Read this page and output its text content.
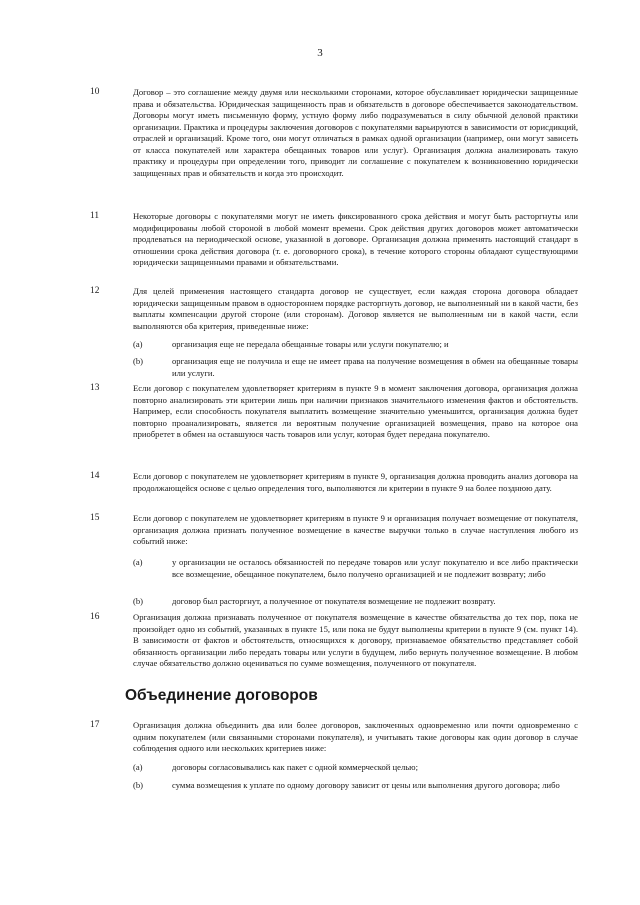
3
10	Договор – это соглашение между двумя или несколькими сторонами, которое обуславливает юридически защищенные права и обязательства. Юридическая защищенность прав и обязательств в договоре обеспечивается законодательством. Договоры могут иметь письменную форму, устную форму либо подразумеваться в силу обычной деловой практики организации. Практика и процедуры заключения договоров с покупателями варьируются в зависимости от юрисдикций, отраслей и организаций. Кроме того, они могут отличаться в рамках одной организации (например, они могут зависеть от класса покупателей или характера обещанных товаров или услуг). Организация должна анализировать такую практику и процедуры при определении того, приводит ли соглашение с покупателем к возникновению юридически защищенных прав и обязательств и когда это происходит.
11	Некоторые договоры с покупателями могут не иметь фиксированного срока действия и могут быть расторгнуты или модифицированы любой стороной в любой момент времени. Срок действия других договоров может автоматически продлеваться на периодической основе, указанной в договоре. Организация должна применять настоящий стандарт в отношении срока действия договора (т. е. договорного срока), в течение которого стороны обладают существующими юридически защищенными правами и обязательствами.
12	Для целей применения настоящего стандарта договор не существует, если каждая сторона договора обладает юридически защищенным правом в одностороннем порядке расторгнуть договор, не выполненный ни в какой части, без выплаты компенсации другой стороне (или сторонам). Договор является не выполненным ни в какой части, если выполняются оба критерия, приведенные ниже:
(a)	организация еще не передала обещанные товары или услуги покупателю; и
(b)	организация еще не получила и еще не имеет права на получение возмещения в обмен на обещанные товары или услуги.
13	Если договор с покупателем удовлетворяет критериям в пункте 9 в момент заключения договора, организация должна повторно анализировать эти критерии лишь при наличии признаков значительного изменения фактов и обстоятельств. Например, если способность покупателя выплатить возмещение значительно уменьшится, организация должна будет повторно проанализировать, является ли вероятным получение организацией возмещения, право на которое она приобретет в обмен на оставшуюся часть товаров или услуг, которая будет передана покупателю.
14	Если договор с покупателем не удовлетворяет критериям в пункте 9, организация должна проводить анализ договора на продолжающейся основе с целью определения того, выполняются ли критерии в пункте 9 на более позднюю дату.
15	Если договор с покупателем не удовлетворяет критериям в пункте 9 и организация получает возмещение от покупателя, организация должна признать полученное возмещение в качестве выручки только в случае наступления любого из событий ниже:
(a)	у организации не осталось обязанностей по передаче товаров или услуг покупателю и все либо практически все возмещение, обещанное покупателем, было получено организацией и не подлежит возврату; либо
(b)	договор был расторгнут, а полученное от покупателя возмещение не подлежит возврату.
16	Организация должна признавать полученное от покупателя возмещение в качестве обязательства до тех пор, пока не произойдет одно из событий, указанных в пункте 15, или пока не будут выполнены критерии в пункте 9 (см. пункт 14). В зависимости от фактов и обстоятельств, относящихся к договору, признаваемое обязательство представляет собой обязанность организации либо передать товары или услуги в будущем, либо вернуть полученное возмещение. В любом случае обязательство должно оцениваться по сумме возмещения, полученного от покупателя.
Объединение договоров
17	Организация должна объединить два или более договоров, заключенных одновременно или почти одновременно с одним покупателем (или связанными сторонами покупателя), и учитывать такие договоры как один договор в случае соблюдения одного или нескольких критериев ниже:
(a)	договоры согласовывались как пакет с одной коммерческой целью;
(b)	сумма возмещения к уплате по одному договору зависит от цены или выполнения другого договора; либо
